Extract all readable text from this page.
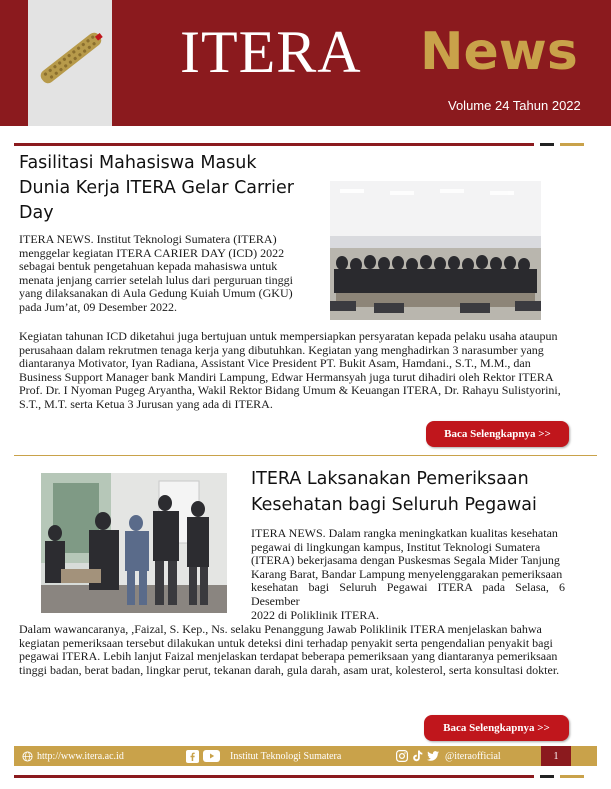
ITERA News
Volume 24 Tahun 2022
Fasilitasi Mahasiswa Masuk
Dunia Kerja ITERA Gelar Carrier
Day
ITERA NEWS. Institut Teknologi Sumatera (ITERA)
menggelar kegiatan ITERA CARIER DAY (ICD) 2022
sebagai bentuk pengetahuan kepada mahasiswa untuk
menata jenjang carrier setelah lulus dari perguruan tinggi
yang dilaksanakan di Aula Gedung Kuiah Umum (GKU)
pada Jum’at, 09 Desember 2022.
Kegiatan tahunan ICD diketahui juga bertujuan untuk mempersiapkan persyaratan kepada pelaku usaha ataupun
perusahaan dalam rekrutmen tenaga kerja yang dibutuhkan. Kegiatan yang menghadirkan 3 narasumber yang
diantaranya Motivator, Iyan Radiana, Assistant Vice President PT. Bukit Asam, Hamdani., S.T., M.M., dan
Business Support Manager bank Mandiri Lampung, Edwar Hermansyah juga turut dihadiri oleh Rektor ITERA
Prof. Dr. I Nyoman Pugeg Aryantha, Wakil Rektor Bidang Umum & Keuangan ITERA, Dr. Rahayu Sulistyorini,
S.T., M.T. serta Ketua 3 Jurusan yang ada di ITERA.
Baca Selengkapnya >>
ITERA Laksanakan Pemeriksaan
Kesehatan bagi Seluruh Pegawai
ITERA NEWS. Dalam rangka meningkatkan kualitas kesehatan
pegawai di lingkungan kampus, Institut Teknologi Sumatera
(ITERA) bekerjasama dengan Puskesmas Segala Mider Tanjung
Karang Barat, Bandar Lampung menyelenggarakan pemeriksaan
kesehatan bagi Seluruh Pegawai ITERA pada Selasa, 6 Desember
2022 di Poliklinik ITERA.
Dalam wawancaranya, ,Faizal, S. Kep., Ns. selaku Penanggung Jawab Poliklinik ITERA menjelaskan bahwa
kegiatan pemeriksaan tersebut dilakukan untuk deteksi dini terhadap penyakit serta pengendalian penyakit bagi
pegawai ITERA. Lebih lanjut Faizal menjelaskan terdapat beberapa pemeriksaan yang diantaranya pemeriksaan
tinggi badan, berat badan, lingkar perut, tekanan darah, gula darah, asam urat, kolesterol, serta konsultasi dokter.
Baca Selengkapnya >>
http://www.itera.ac.id	Institut Teknologi Sumatera	@iteraofficial	1
